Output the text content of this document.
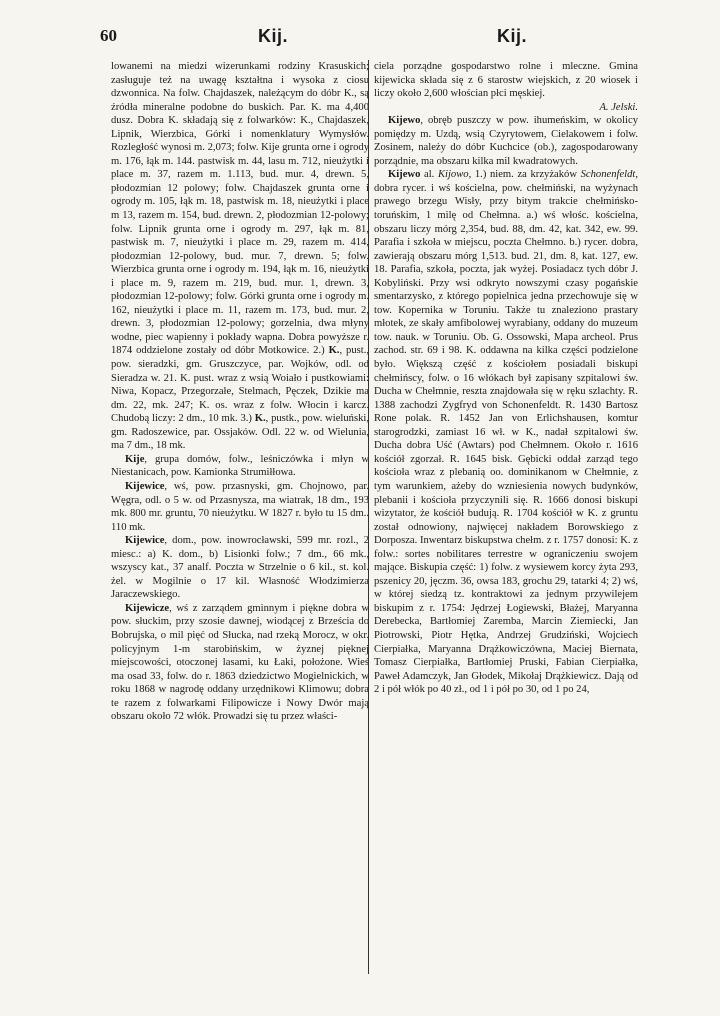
60	Kij.	Kij.

lowanemi na miedzi wizerunkami rodziny Krasuskich; zasługuje też na uwagę kształtna i wysoka z ciosu dzwonnica. Na folw. Chajdaszek, należącym do dóbr K., są źródła mineralne podobne do buskich. Par. K. ma 4,400 dusz. Dobra K. składają się z folwarków: K., Chajdaszek, Lipnik, Wierzbica, Górki i nomenklatury Wymysłów. Rozległość wynosi m. 2,073; folw. Kije grunta orne i ogrody m. 176, łąk m. 144. pastwisk m. 44, lasu m. 712, nieużytki i place m. 37, razem m. 1.113, bud. mur. 4, drewn. 5, płodozmian 12 polowy; folw. Chajdaszek grunta orne i ogrody m. 105, łąk m. 18, pastwisk m. 18, nieużytki i place m 13, razem m. 154, bud. drewn. 2, płodozmian 12-polowy; folw. Lipnik grunta orne i ogrody m. 297, łąk m. 81, pastwisk m. 7, nieużytki i place m. 29, razem m. 414, płodozmian 12-polowy, bud. mur. 7, drewn. 5; folw. Wierzbica grunta orne i ogrody m. 194, łąk m. 16, nieużytki i place m. 9, razem m. 219, bud. mur. 1, drewn. 3, płodozmian 12-polowy; folw. Górki grunta orne i ogrody m. 162, nieużytki i place m. 11, razem m. 173, bud. mur. 2, drewn. 3, płodozmian 12-polowy; gorzelnia, dwa młyny wodne, piec wapienny i pokłady wapna. Dobra powyższe r. 1874 oddzielone zostały od dóbr Motkowice. 2.) K., pust., pow. sieradzki, gm. Gruszczyce, par. Wojków, odl. od Sieradza w. 21. K. pust. wraz z wsią Woiało i pustkowiami: Niwa, Kopacz, Przegorzałe, Stelmach, Pęczek, Dzikie ma dm. 22, mk. 247; K. os. wraz z folw. Włocin i karcz. Chudobą liczy: 2 dm., 10 mk. 3.) K., pustk., pow. wieluński, gm. Radoszewice, par. Ossjaków. Odl. 22 w. od Wielunia, ma 7 dm., 18 mk.

Kije, grupa domów, folw., leśniczówka i młyn w Niestanicach, pow. Kamionka Strumiłłowa.

Kijewice, wś, pow. przasnyski, gm. Chojnowo, par. Węgra, odl. o 5 w. od Przasnysza, ma wiatrak, 18 dm., 193 mk. 800 mr. gruntu, 70 nieużytku. W 1827 r. było tu 15 dm.. 110 mk.

Kijewice, dom., pow. inowrocławski, 599 mr. rozl., 2 miesc.: a) K. dom., b) Lisionki folw.; 7 dm., 66 mk., wszyscy kat., 37 analf. Poczta w Strzelnie o 6 kil., st. kol. żel. w Mogilnie o 17 kil. Własność Włodzimierza Jaraczewskiego.

Kijewicze, wś z zarządem gminnym i piękne dobra w pow. słuckim, przy szosie dawnej, wiodącej z Brześcia do Bobrujska, o mil pięć od Słucka, nad rzeką Morocz, w okr. policyjnym 1-m starobińskim, w żyznej pięknej miejscowości, otoczonej lasami, ku Łaki, położone. Wieś ma osad 33, folw. do r. 1863 dziedzictwo Mogielnickich, w roku 1868 w nagrodę oddany urzędnikowi Klimowu; dobra te razem z folwarkami Filipowicze i Nowy Dwór mają obszaru około 72 włók. Prowadzi się tu przez właści-

ciela porządne gospodarstwo rolne i mleczne. Gmina kijewicka składa się z 6 starostw wiejskich, z 20 wiosek i liczy około 2,600 włościan płci męskiej.

A. Jelski.

Kijewo, obręb puszczy w pow. ihumeńskim, w okolicy pomiędzy m. Uzdą, wsią Czyrytowem, Cielakowem i folw. Zosinem, należy do dóbr Kuchcice (ob.), zagospodarowany porządnie, ma obszaru kilka mil kwadratowych.

Kijewo al. Kijowo, 1.) niem. za krzyżaków Schonenfeldt, dobra rycer. i wś kościelna, pow. chełmiński, na wyżynach prawego brzegu Wisły, przy bitym trakcie chełmińsko-toruńskim, 1 milę od Chełmna. a.) wś włośc. kościelna, obszaru liczy mórg 2,354, bud. 88, dm. 42, kat. 342, ew. 99. Parafia i szkoła w miejscu, poczta Chełmno. b.) rycer. dobra, zawierają obszaru mórg 1,513. bud. 21, dm. 8, kat. 127, ew. 18. Parafia, szkoła, poczta, jak wyżej. Posiadacz tych dóbr J. Kobyliński. Przy wsi odkryto nowszymi czasy pogańskie smentarzysko, z którego popielnica jedna przechowuje się w tow. Kopernika w Toruniu. Także tu znaleziono prastary młotek, ze skały amfibolowej wyrabiany, oddany do muzeum tow. nauk. w Toruniu. Ob. G. Ossowski, Mapa archeol. Prus zachod. str. 69 i 98. K. oddawna na kilka części podzielone było. Większą część z kościołem posiadali biskupi chełmińscy, folw. o 16 włókach był zapisany szpitalowi św. Ducha w Chełmnie, reszta znajdowała się w ręku szlachty. R. 1388 zachodzi Zygfryd von Schonenfeldt. R. 1430 Bartosz Rone polak. R. 1452 Jan von Erlichshausen, komtur starogrodzki, zamiast 16 wł. w K., nadał szpitalowi św. Ducha dobra Uść (Awtars) pod Chełmnem. Około r. 1616 kościół zgorzał. R. 1645 bisk. Gębicki oddał zarząd tego kościoła wraz z plebanią oo. dominikanom w Chełmnie, z tym warunkiem, ażeby do wzniesienia nowych budynków, plebanii i kościoła przyczynili się. R. 1666 donosi biskupi wizytator, że kościół budują. R. 1704 kościół w K. z gruntu został odnowiony, najwięcej nakładem Borowskiego z Dorposza. Inwentarz biskupstwa chełm. z r. 1757 donosi: K. z folw.: sortes nobilitares terrestre w ograniczeniu swojem mające. Biskupia część: 1) folw. z wysiewem korcy żyta 293, pszenicy 20, jęczm. 36, owsa 183, grochu 29, tatarki 4; 2) wś, w której siedzą tz. kontraktowi za jednym przywilejem biskupim z r. 1754: Jędrzej Łogiewski, Błażej, Maryanna Derebecka, Bartłomiej Zaremba, Marcin Ziemiecki, Jan Piotrowski, Piotr Hętka, Andrzej Grudziński, Wojciech Cierpiałka, Maryanna Drążkowiczówna, Maciej Biernata, Tomasz Cierpiałka, Bartłomiej Pruski, Fabian Cierpiałka, Paweł Adamczyk, Jan Głodek, Mikołaj Drążkiewicz. Dają od 2 i pół włók po 40 zł., od 1 i pół po 30, od 1 po 24,
